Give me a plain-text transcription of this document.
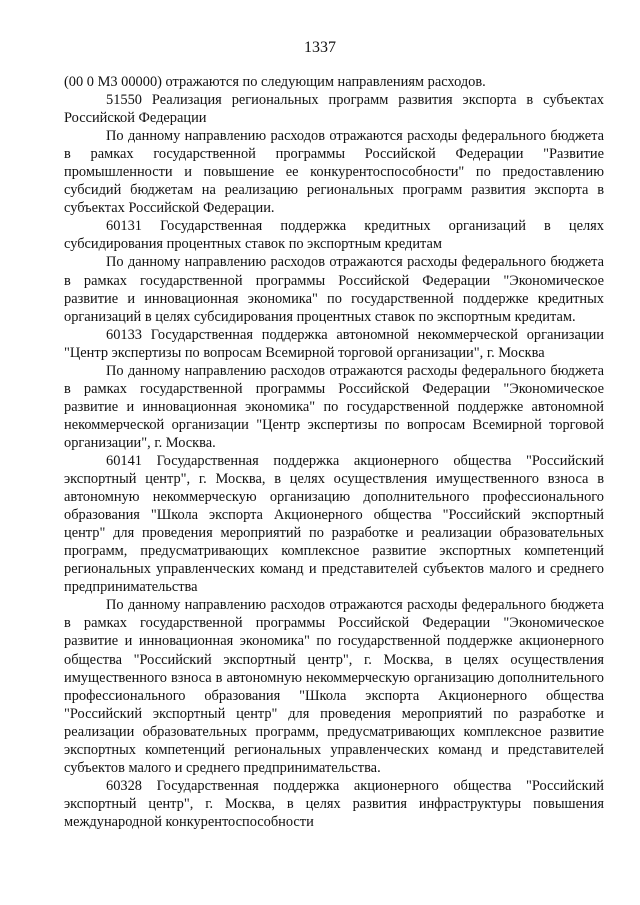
1337

(00 0 M3 00000) отражаются по следующим направлениям расходов.

51550 Реализация региональных программ развития экспорта в субъектах Российской Федерации

По данному направлению расходов отражаются расходы федерального бюджета в рамках государственной программы Российской Федерации "Развитие промышленности и повышение ее конкурентоспособности" по предоставлению субсидий бюджетам на реализацию региональных программ развития экспорта в субъектах Российской Федерации.

60131 Государственная поддержка кредитных организаций в целях субсидирования процентных ставок по экспортным кредитам

По данному направлению расходов отражаются расходы федерального бюджета в рамках государственной программы Российской Федерации "Экономическое развитие и инновационная экономика" по государственной поддержке кредитных организаций в целях субсидирования процентных ставок по экспортным кредитам.

60133 Государственная поддержка автономной некоммерческой организации "Центр экспертизы по вопросам Всемирной торговой организации", г. Москва

По данному направлению расходов отражаются расходы федерального бюджета в рамках государственной программы Российской Федерации "Экономическое развитие и инновационная экономика" по государственной поддержке автономной некоммерческой организации "Центр экспертизы по вопросам Всемирной торговой организации", г. Москва.

60141 Государственная поддержка акционерного общества "Российский экспортный центр", г. Москва, в целях осуществления имущественного взноса в автономную некоммерческую организацию дополнительного профессионального образования "Школа экспорта Акционерного общества "Российский экспортный центр" для проведения мероприятий по разработке и реализации образовательных программ, предусматривающих комплексное развитие экспортных компетенций региональных управленческих команд и представителей субъектов малого и среднего предпринимательства

По данному направлению расходов отражаются расходы федерального бюджета в рамках государственной программы Российской Федерации "Экономическое развитие и инновационная экономика" по государственной поддержке акционерного общества "Российский экспортный центр", г. Москва, в целях осуществления имущественного взноса в автономную некоммерческую организацию дополнительного профессионального образования "Школа экспорта Акционерного общества "Российский экспортный центр" для проведения мероприятий по разработке и реализации образовательных программ, предусматривающих комплексное развитие экспортных компетенций региональных управленческих команд и представителей субъектов малого и среднего предпринимательства.

60328 Государственная поддержка акционерного общества "Российский экспортный центр", г. Москва, в целях развития инфраструктуры повышения международной конкурентоспособности
